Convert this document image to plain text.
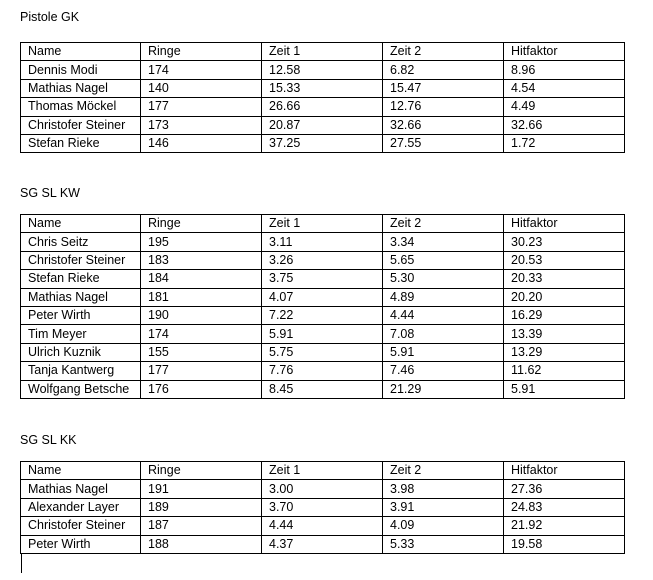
Pistole GK
Name	Ringe	Zeit 1	Zeit 2	Hitfaktor
Dennis Modi	174	12.58	6.82	8.96
Mathias Nagel	140	15.33	15.47	4.54
Thomas Möckel	177	26.66	12.76	4.49
Christofer Steiner	173	20.87	32.66	32.66
Stefan Rieke	146	37.25	27.55	1.72
SG SL KW
Name	Ringe	Zeit 1	Zeit 2	Hitfaktor
Chris Seitz	195	3.11	3.34	30.23
Christofer Steiner	183	3.26	5.65	20.53
Stefan Rieke	184	3.75	5.30	20.33
Mathias Nagel	181	4.07	4.89	20.20
Peter Wirth	190	7.22	4.44	16.29
Tim Meyer	174	5.91	7.08	13.39
Ulrich Kuznik	155	5.75	5.91	13.29
Tanja Kantwerg	177	7.76	7.46	11.62
Wolfgang Betsche	176	8.45	21.29	5.91
SG SL KK
Name	Ringe	Zeit 1	Zeit 2	Hitfaktor
Mathias Nagel	191	3.00	3.98	27.36
Alexander Layer	189	3.70	3.91	24.83
Christofer Steiner	187	4.44	4.09	21.92
Peter Wirth	188	4.37	5.33	19.58
